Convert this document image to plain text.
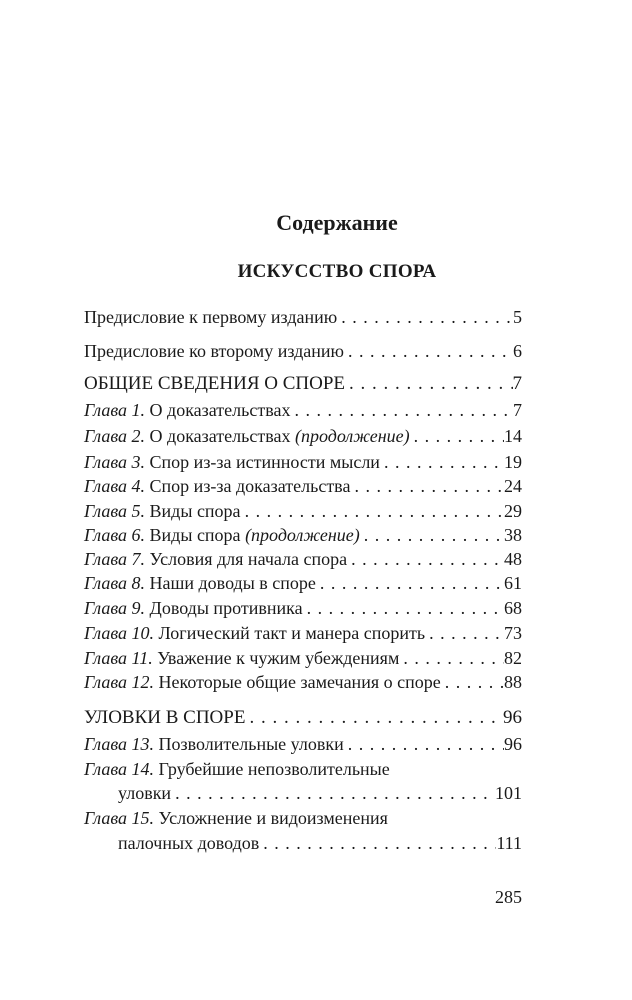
Содержание
ИСКУССТВО СПОРА
Предисловие к первому изданию . . .	5
Предисловие ко второму изданию . . .	6
ОБЩИЕ СВЕДЕНИЯ О СПОРЕ . . .	7
Глава 1. О доказательствах . . .	7
Глава 2. О доказательствах (продолжение) . . .	14
Глава 3. Спор из-за истинности мысли . . .	19
Глава 4. Спор из-за доказательства . . .	24
Глава 5. Виды спора . . .	29
Глава 6. Виды спора (продолжение) . . .	38
Глава 7. Условия для начала спора . . .	48
Глава 8. Наши доводы в споре . . .	61
Глава 9. Доводы противника . . .	68
Глава 10. Логический такт и манера спорить . . .	73
Глава 11. Уважение к чужим убеждениям . . .	82
Глава 12. Некоторые общие замечания о споре . . .	88
УЛОВКИ В СПОРЕ . . .	96
Глава 13. Позволительные уловки . . .	96
Глава 14. Грубейшие непозволительные
уловки . . .	101
Глава 15. Усложнение и видоизменения
палочных доводов . . .	111
285
